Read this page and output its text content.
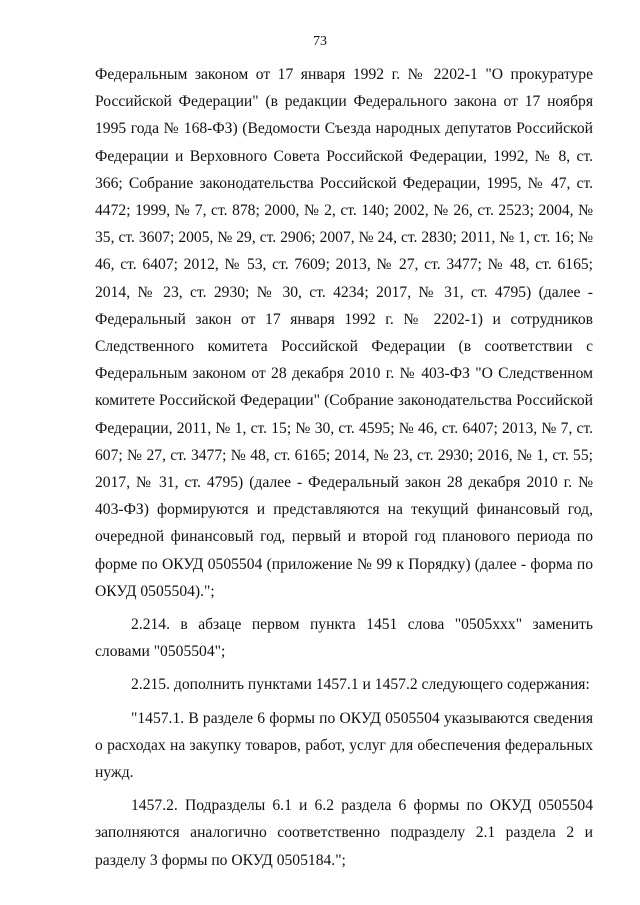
73

Федеральным законом от 17 января 1992 г. № 2202-1 "О прокуратуре Российской Федерации" (в редакции Федерального закона от 17 ноября 1995 года № 168-ФЗ) (Ведомости Съезда народных депутатов Российской Федерации и Верховного Совета Российской Федерации, 1992, № 8, ст. 366; Собрание законодательства Российской Федерации, 1995, № 47, ст. 4472; 1999, № 7, ст. 878; 2000, № 2, ст. 140; 2002, № 26, ст. 2523; 2004, № 35, ст. 3607; 2005, № 29, ст. 2906; 2007, № 24, ст. 2830; 2011, № 1, ст. 16; № 46, ст. 6407; 2012, № 53, ст. 7609; 2013, № 27, ст. 3477; № 48, ст. 6165; 2014, № 23, ст. 2930; № 30, ст. 4234; 2017, № 31, ст. 4795) (далее - Федеральный закон от 17 января 1992 г. № 2202-1) и сотрудников Следственного комитета Российской Федерации (в соответствии с Федеральным законом от 28 декабря 2010 г. № 403-ФЗ "О Следственном комитете Российской Федерации" (Собрание законодательства Российской Федерации, 2011, № 1, ст. 15; № 30, ст. 4595; № 46, ст. 6407; 2013, № 7, ст. 607; № 27, ст. 3477; № 48, ст. 6165; 2014, № 23, ст. 2930; 2016, № 1, ст. 55; 2017, № 31, ст. 4795) (далее - Федеральный закон 28 декабря 2010 г. № 403-ФЗ) формируются и представляются на текущий финансовый год, очередной финансовый год, первый и второй год планового периода по форме по ОКУД 0505504 (приложение № 99 к Порядку) (далее - форма по ОКУД 0505504).";

2.214. в абзаце первом пункта 1451 слова "0505ххх" заменить словами "0505504";

2.215. дополнить пунктами 1457.1 и 1457.2 следующего содержания:

"1457.1. В разделе 6 формы по ОКУД 0505504 указываются сведения о расходах на закупку товаров, работ, услуг для обеспечения федеральных нужд.

1457.2. Подразделы 6.1 и 6.2 раздела 6 формы по ОКУД 0505504 заполняются аналогично соответственно подразделу 2.1 раздела 2 и разделу 3 формы по ОКУД 0505184.";
